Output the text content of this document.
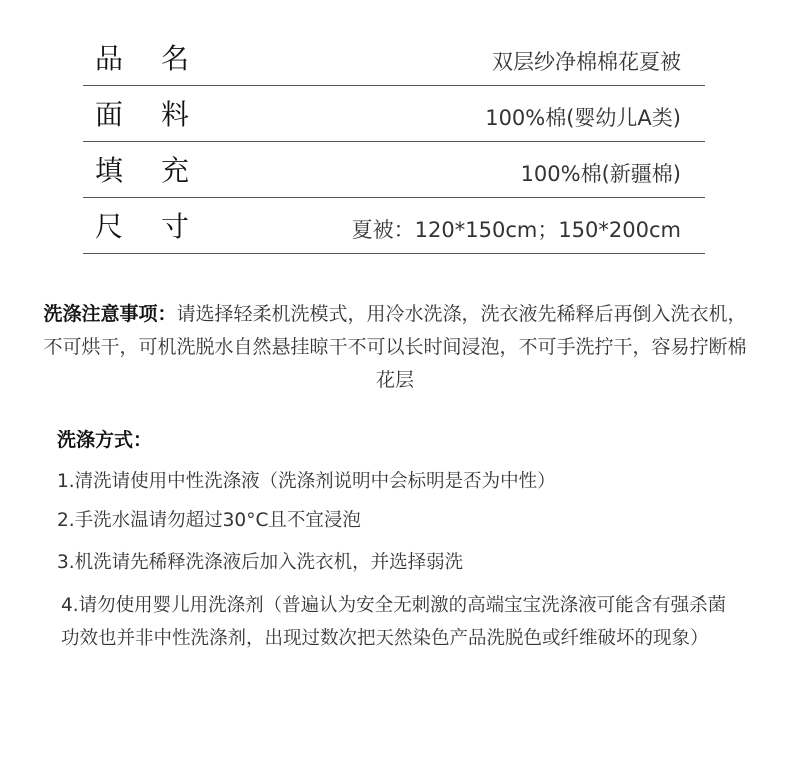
品	名	双层纱净棉棉花夏被
面	料	100%棉(婴幼儿A类)
填	充	100%棉(新疆棉)
尺	寸	夏被：120*150cm；150*200cm
洗涤注意事项：请选择轻柔机洗模式，用冷水洗涤，洗衣液先稀释后再倒入洗衣机，不可烘干，可机洗脱水自然悬挂晾干不可以长时间浸泡，不可手洗拧干，容易拧断棉花层
洗涤方式：
1.清洗请使用中性洗涤液（洗涤剂说明中会标明是否为中性）
2.手洗水温请勿超过30°C且不宜浸泡
3.机洗请先稀释洗涤液后加入洗衣机，并选择弱洗
4.请勿使用婴儿用洗涤剂（普遍认为安全无刺激的高端宝宝洗涤液可能含有强杀菌功效也并非中性洗涤剂，出现过数次把天然染色产品洗脱色或纤维破坏的现象）
